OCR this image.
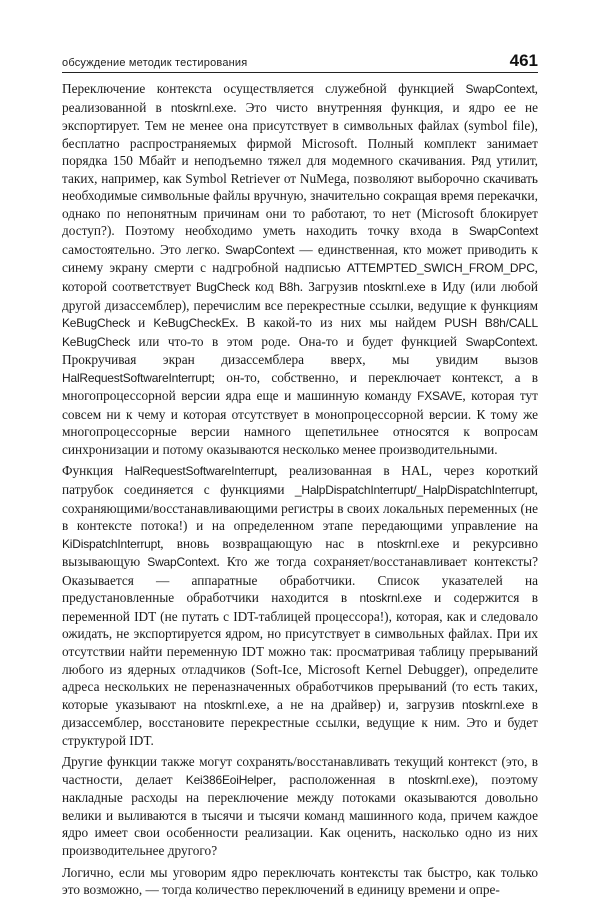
обсуждение методик тестирования	461

Переключение контекста осуществляется служебной функцией SwapContext, реализованной в ntoskrnl.exe. Это чисто внутренняя функция, и ядро ее не экспортирует. Тем не менее она присутствует в символьных файлах (symbol file), бесплатно распространяемых фирмой Microsoft. Полный комплект занимает порядка 150 Мбайт и неподъемно тяжел для модемного скачивания. Ряд утилит, таких, например, как Symbol Retriever от NuMega, позволяют выборочно скачивать необходимые символьные файлы вручную, значительно сокращая время перекачки, однако по непонятным причинам они то работают, то нет (Microsoft блокирует доступ?). Поэтому необходимо уметь находить точку входа в SwapContext самостоятельно. Это легко. SwapContext — единственная, кто может приводить к синему экрану смерти с надгробной надписью ATTEMPTED_SWICH_FROM_DPC, которой соответствует BugCheck код B8h. Загрузив ntoskrnl.exe в Иду (или любой другой дизассемблер), перечислим все перекрестные ссылки, ведущие к функциям KeBugCheck и KeBugCheckEx. В какой-то из них мы найдем PUSH B8h/CALL KeBugCheck или что-то в этом роде. Она-то и будет функцией SwapContext. Прокручивая экран дизассемблера вверх, мы увидим вызов HalRequestSoftwareInterrupt; он-то, собственно, и переключает контекст, а в многопроцессорной версии ядра еще и машинную команду FXSAVE, которая тут совсем ни к чему и которая отсутствует в монопроцессорной версии. К тому же многопроцессорные версии намного щепетильнее относятся к вопросам синхронизации и потому оказываются несколько менее производительными.

Функция HalRequestSoftwareInterrupt, реализованная в HAL, через короткий патрубок соединяется с функциями _HalpDispatchInterrupt/_HalpDispatchInterrupt, сохраняющими/восстанавливающими регистры в своих локальных переменных (не в контексте потока!) и на определенном этапе передающими управление на KiDispatchInterrupt, вновь возвращающую нас в ntoskrnl.exe и рекурсивно вызывающую SwapContext. Кто же тогда сохраняет/восстанавливает контексты? Оказывается — аппаратные обработчики. Список указателей на предустановленные обработчики находится в ntoskrnl.exe и содержится в переменной IDT (не путать с IDT-таблицей процессора!), которая, как и следовало ожидать, не экспортируется ядром, но присутствует в символьных файлах. При их отсутствии найти переменную IDT можно так: просматривая таблицу прерываний любого из ядерных отладчиков (Soft-Ice, Microsoft Kernel Debugger), определите адреса нескольких не переназначенных обработчиков прерываний (то есть таких, которые указывают на ntoskrnl.exe, а не на драйвер) и, загрузив ntoskrnl.exe в дизассемблер, восстановите перекрестные ссылки, ведущие к ним. Это и будет структурой IDT.

Другие функции также могут сохранять/восстанавливать текущий контекст (это, в частности, делает Kei386EoiHelper, расположенная в ntoskrnl.exe), поэтому накладные расходы на переключение между потоками оказываются довольно велики и выливаются в тысячи и тысячи команд машинного кода, причем каждое ядро имеет свои особенности реализации. Как оценить, насколько одно из них производительнее другого?

Логично, если мы уговорим ядро переключать контексты так быстро, как только это возможно, — тогда количество переключений в единицу времени и опре-
